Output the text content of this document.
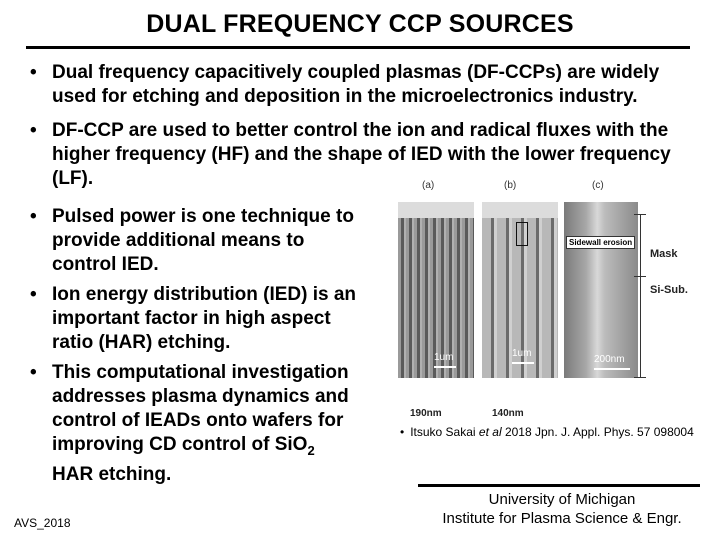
DUAL FREQUENCY CCP SOURCES
• Dual frequency capacitively coupled plasmas (DF-CCPs) are widely used for etching and deposition in the microelectronics industry.
• DF-CCP are used to better control the ion and radical fluxes with the higher frequency (HF) and the shape of IED with the lower frequency (LF).
• Pulsed power is one technique to provide additional means to control IED.
• Ion energy distribution (IED) is an important factor in high aspect ratio (HAR) etching.
• This computational investigation addresses plasma dynamics and control of IEADs onto wafers for improving CD control of SiO$_2$ HAR etching.
AVS_2018
(a)	(b)	(c)
1um	1um
200nm
Sidewall erosion
Mask
Si-Sub.
190nm	140nm
• Itsuko Sakai et al 2018 Jpn. J. Appl. Phys. 57 098004
University of Michigan
Institute for Plasma Science & Engr.
